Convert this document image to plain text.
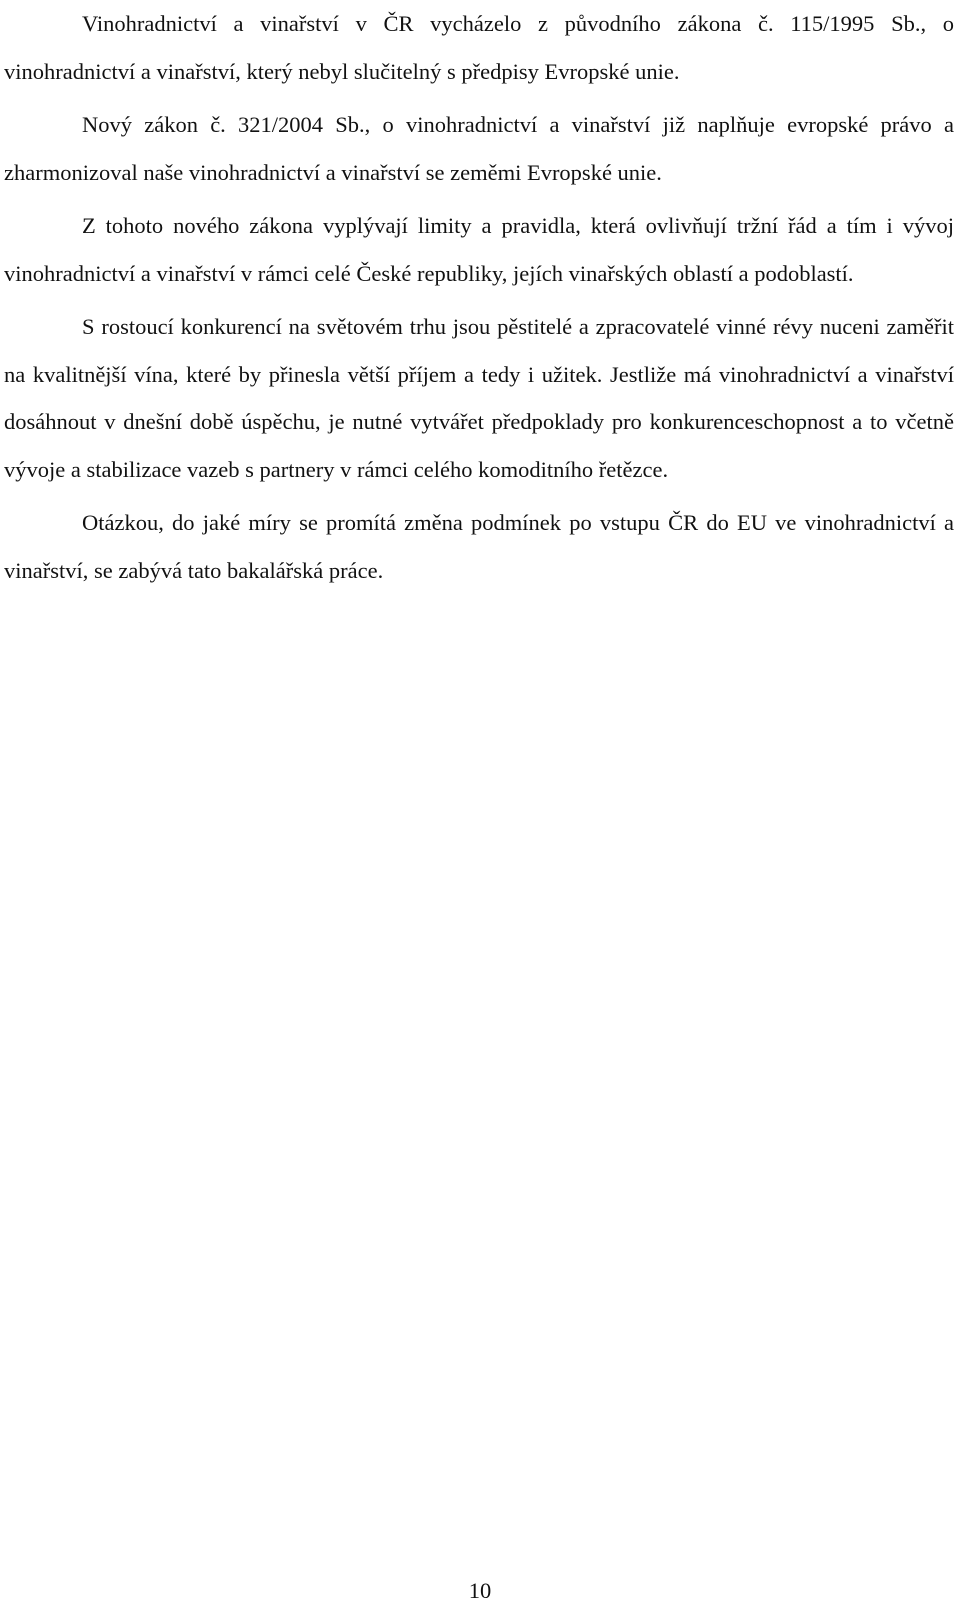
Vinohradnictví a vinařství v ČR vycházelo z původního zákona č. 115/1995 Sb., o vinohradnictví a vinařství, který nebyl slučitelný s předpisy Evropské unie.

Nový zákon č. 321/2004 Sb., o vinohradnictví a vinařství již naplňuje evropské právo a zharmonizoval naše vinohradnictví a vinařství se zeměmi Evropské unie.

Z tohoto nového zákona vyplývají limity a pravidla, která ovlivňují tržní řád a tím i vývoj vinohradnictví a vinařství v rámci celé České republiky, jejích vinařských oblastí a podoblastí.

S rostoucí konkurencí na světovém trhu jsou pěstitelé a zpracovatelé vinné révy nuceni zaměřit na kvalitnější vína, které by přinesla větší příjem a tedy i užitek. Jestliže má vinohradnictví a vinařství dosáhnout v dnešní době úspěchu, je nutné vytvářet předpoklady pro konkurenceschopnost a to včetně vývoje a stabilizace vazeb s partnery v rámci celého komoditního řetězce.

Otázkou, do jaké míry se promítá změna podmínek po vstupu ČR do EU ve vinohradnictví a vinařství, se zabývá tato bakalářská práce.

10
